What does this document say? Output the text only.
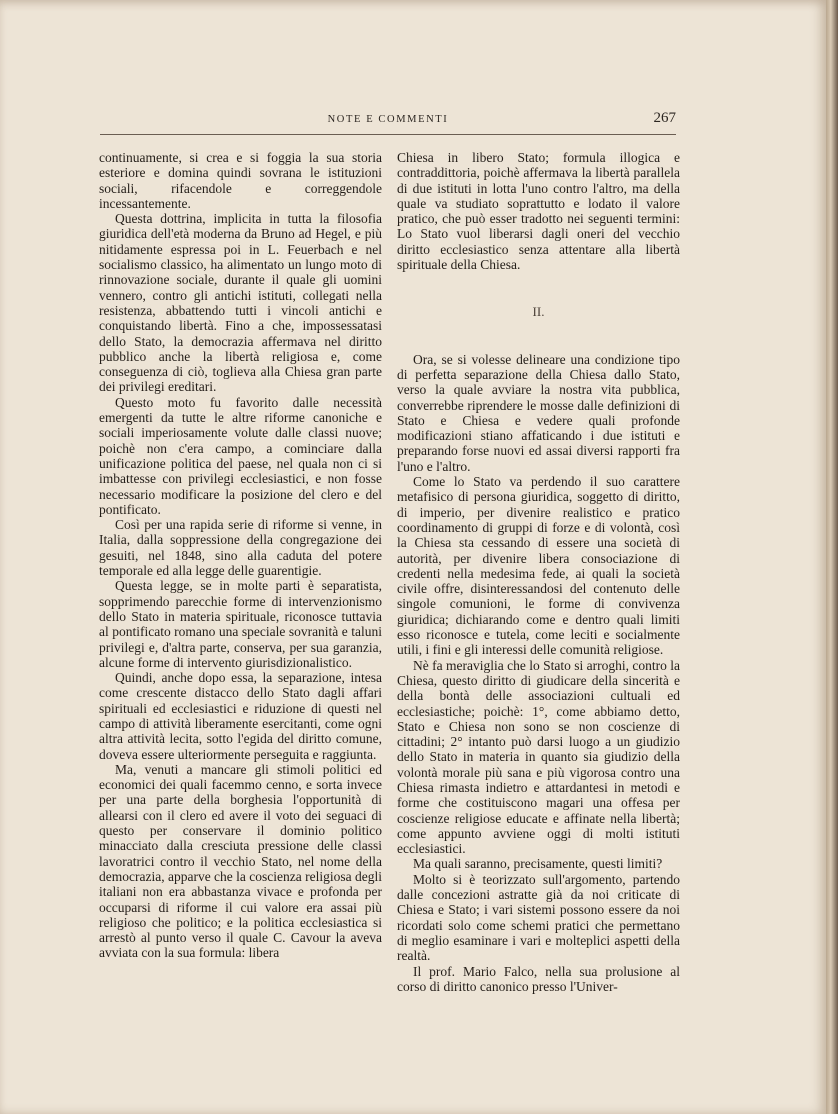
NOTE E COMMENTI	267

continuamente, si crea e si foggia la sua storia esteriore e domina quindi sovrana le istituzioni sociali, rifacendole e correggendole incessantemente.

Questa dottrina, implicita in tutta la filosofia giuridica dell'età moderna da Bruno ad Hegel, e più nitidamente espressa poi in L. Feuerbach e nel socialismo classico, ha alimentato un lungo moto di rinnovazione sociale, durante il quale gli uomini vennero, contro gli antichi istituti, collegati nella resistenza, abbattendo tutti i vincoli antichi e conquistando libertà. Fino a che, impossessatasi dello Stato, la democrazia affermava nel diritto pubblico anche la libertà religiosa e, come conseguenza di ciò, toglieva alla Chiesa gran parte dei privilegi ereditari.

Questo moto fu favorito dalle necessità emergenti da tutte le altre riforme canoniche e sociali imperiosamente volute dalle classi nuove; poichè non c'era campo, a cominciare dalla unificazione politica del paese, nel quala non ci si imbattesse con privilegi ecclesiastici, e non fosse necessario modificare la posizione del clero e del pontificato.

Così per una rapida serie di riforme si venne, in Italia, dalla soppressione della congregazione dei gesuiti, nel 1848, sino alla caduta del potere temporale ed alla legge delle guarentigie.

Questa legge, se in molte parti è separatista, sopprimendo parecchie forme di intervenzionismo dello Stato in materia spirituale, riconosce tuttavia al pontificato romano una speciale sovranità e taluni privilegi e, d'altra parte, conserva, per sua garanzia, alcune forme di intervento giurisdizionalistico.

Quindi, anche dopo essa, la separazione, intesa come crescente distacco dello Stato dagli affari spirituali ed ecclesiastici e riduzione di questi nel campo di attività liberamente esercitanti, come ogni altra attività lecita, sotto l'egida del diritto comune, doveva essere ulteriormente perseguita e raggiunta.

Ma, venuti a mancare gli stimoli politici ed economici dei quali facemmo cenno, e sorta invece per una parte della borghesia l'opportunità di allearsi con il clero ed avere il voto dei seguaci di questo per conservare il dominio politico minacciato dalla cresciuta pressione delle classi lavoratrici contro il vecchio Stato, nel nome della democrazia, apparve che la coscienza religiosa degli italiani non era abbastanza vivace e profonda per occuparsi di riforme il cui valore era assai più religioso che politico; e la politica ecclesiastica si arrestò al punto verso il quale C. Cavour la aveva avviata con la sua formula: libera

Chiesa in libero Stato; formula illogica e contraddittoria, poichè affermava la libertà parallela di due istituti in lotta l'uno contro l'altro, ma della quale va studiato soprattutto e lodato il valore pratico, che può esser tradotto nei seguenti termini: Lo Stato vuol liberarsi dagli oneri del vecchio diritto ecclesiastico senza attentare alla libertà spirituale della Chiesa.

II.

Ora, se si volesse delineare una condizione tipo di perfetta separazione della Chiesa dallo Stato, verso la quale avviare la nostra vita pubblica, converrebbe riprendere le mosse dalle definizioni di Stato e Chiesa e vedere quali profonde modificazioni stiano affaticando i due istituti e preparando forse nuovi ed assai diversi rapporti fra l'uno e l'altro.

Come lo Stato va perdendo il suo carattere metafisico di persona giuridica, soggetto di diritto, di imperio, per divenire realistico e pratico coordinamento di gruppi di forze e di volontà, così la Chiesa sta cessando di essere una società di autorità, per divenire libera consociazione di credenti nella medesima fede, ai quali la società civile offre, disinteressandosi del contenuto delle singole comunioni, le forme di convivenza giuridica; dichiarando come e dentro quali limiti esso riconosce e tutela, come leciti e socialmente utili, i fini e gli interessi delle comunità religiose.

Nè fa meraviglia che lo Stato si arroghi, contro la Chiesa, questo diritto di giudicare della sincerità e della bontà delle associazioni cultuali ed ecclesiastiche; poichè: 1°, come abbiamo detto, Stato e Chiesa non sono se non coscienze di cittadini; 2° intanto può darsi luogo a un giudizio dello Stato in materia in quanto sia giudizio della volontà morale più sana e più vigorosa contro una Chiesa rimasta indietro e attardantesi in metodi e forme che costituiscono magari una offesa per coscienze religiose educate e affinate nella libertà; come appunto avviene oggi di molti istituti ecclesiastici.

Ma quali saranno, precisamente, questi limiti?

Molto si è teorizzato sull'argomento, partendo dalle concezioni astratte già da noi criticate di Chiesa e Stato; i vari sistemi possono essere da noi ricordati solo come schemi pratici che permettano di meglio esaminare i vari e molteplici aspetti della realtà.

Il prof. Mario Falco, nella sua prolusione al corso di diritto canonico presso l'Univer-
